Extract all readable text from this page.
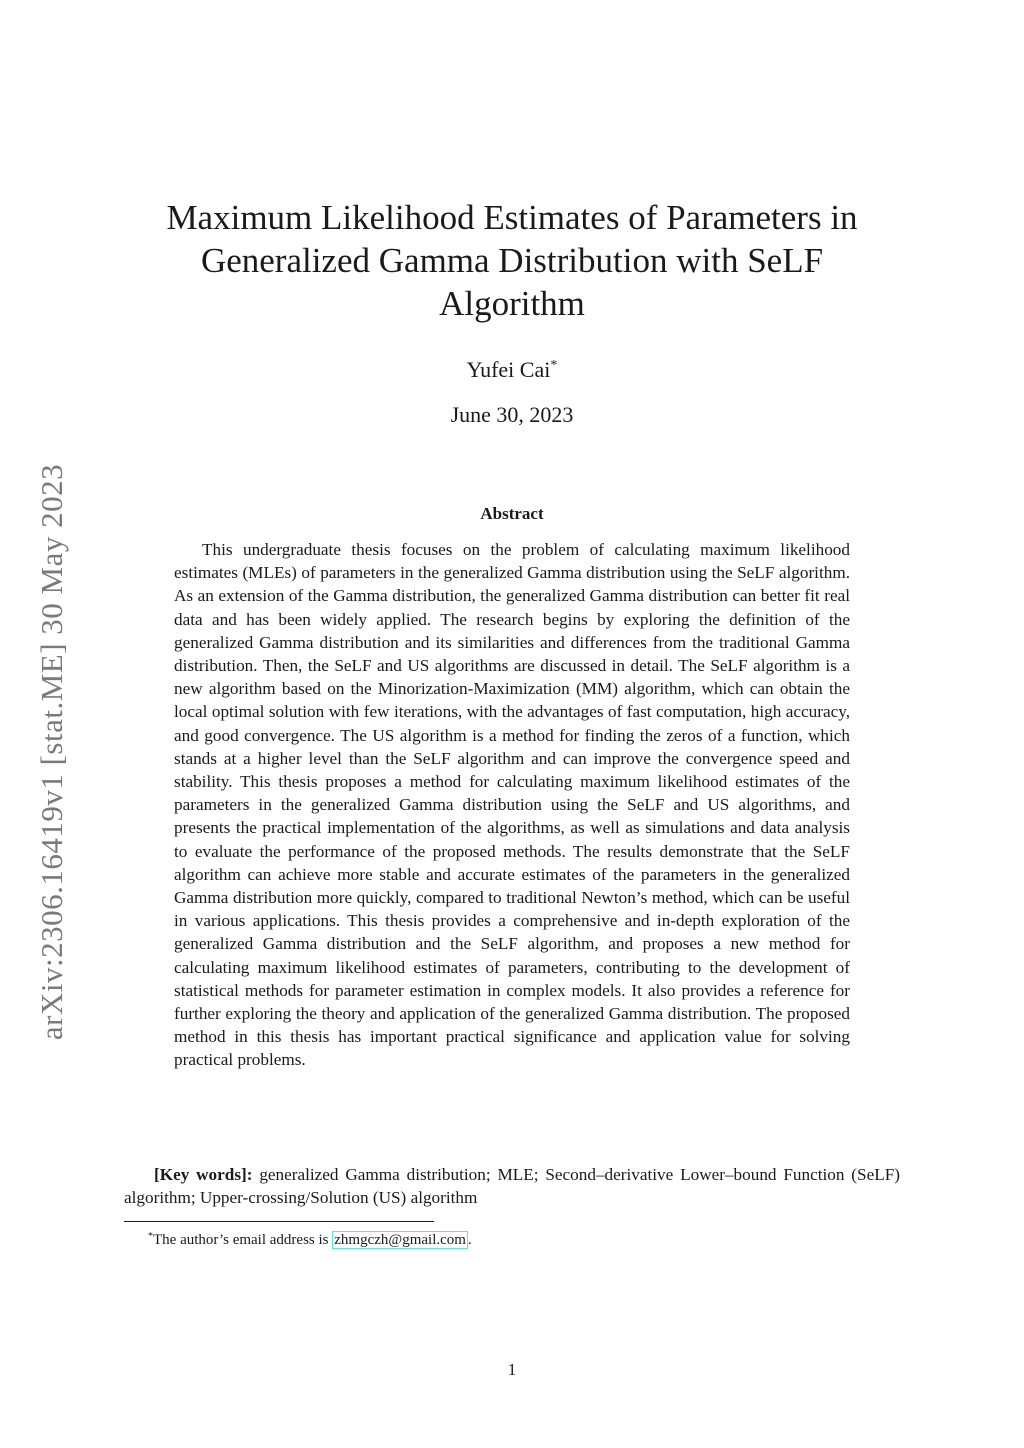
arXiv:2306.16419v1 [stat.ME] 30 May 2023
Maximum Likelihood Estimates of Parameters in
Generalized Gamma Distribution with SeLF
Algorithm
Yufei Cai*
June 30, 2023
Abstract

This undergraduate thesis focuses on the problem of calculating maximum likelihood estimates (MLEs) of parameters in the generalized Gamma distribution using the SeLF algorithm. As an extension of the Gamma distribution, the generalized Gamma distribution can better fit real data and has been widely applied. The research begins by exploring the definition of the generalized Gamma distribution and its similarities and differences from the traditional Gamma distribution. Then, the SeLF and US algorithms are discussed in detail. The SeLF algorithm is a new algorithm based on the Minorization-Maximization (MM) algorithm, which can obtain the local optimal solution with few iterations, with the advantages of fast computation, high accuracy, and good convergence. The US algorithm is a method for finding the zeros of a function, which stands at a higher level than the SeLF algorithm and can improve the convergence speed and stability. This thesis proposes a method for calculating maximum likelihood estimates of the parameters in the generalized Gamma distribution using the SeLF and US algorithms, and presents the practical implementation of the algorithms, as well as simulations and data analysis to evaluate the performance of the proposed methods. The results demonstrate that the SeLF algorithm can achieve more stable and accurate estimates of the parameters in the generalized Gamma distribution more quickly, compared to traditional Newton’s method, which can be useful in various applications. This thesis provides a comprehensive and in-depth exploration of the generalized Gamma distribution and the SeLF algorithm, and proposes a new method for calculating maximum likelihood estimates of parameters, contributing to the development of statistical methods for parameter estimation in complex models. It also provides a reference for further exploring the theory and application of the generalized Gamma distribution. The proposed method in this thesis has important practical significance and application value for solving practical problems.

[Key words]: generalized Gamma distribution; MLE; Second–derivative Lower–bound Function (SeLF) algorithm; Upper-crossing/Solution (US) algorithm

*The author’s email address is zhmgczh@gmail.com .
1
